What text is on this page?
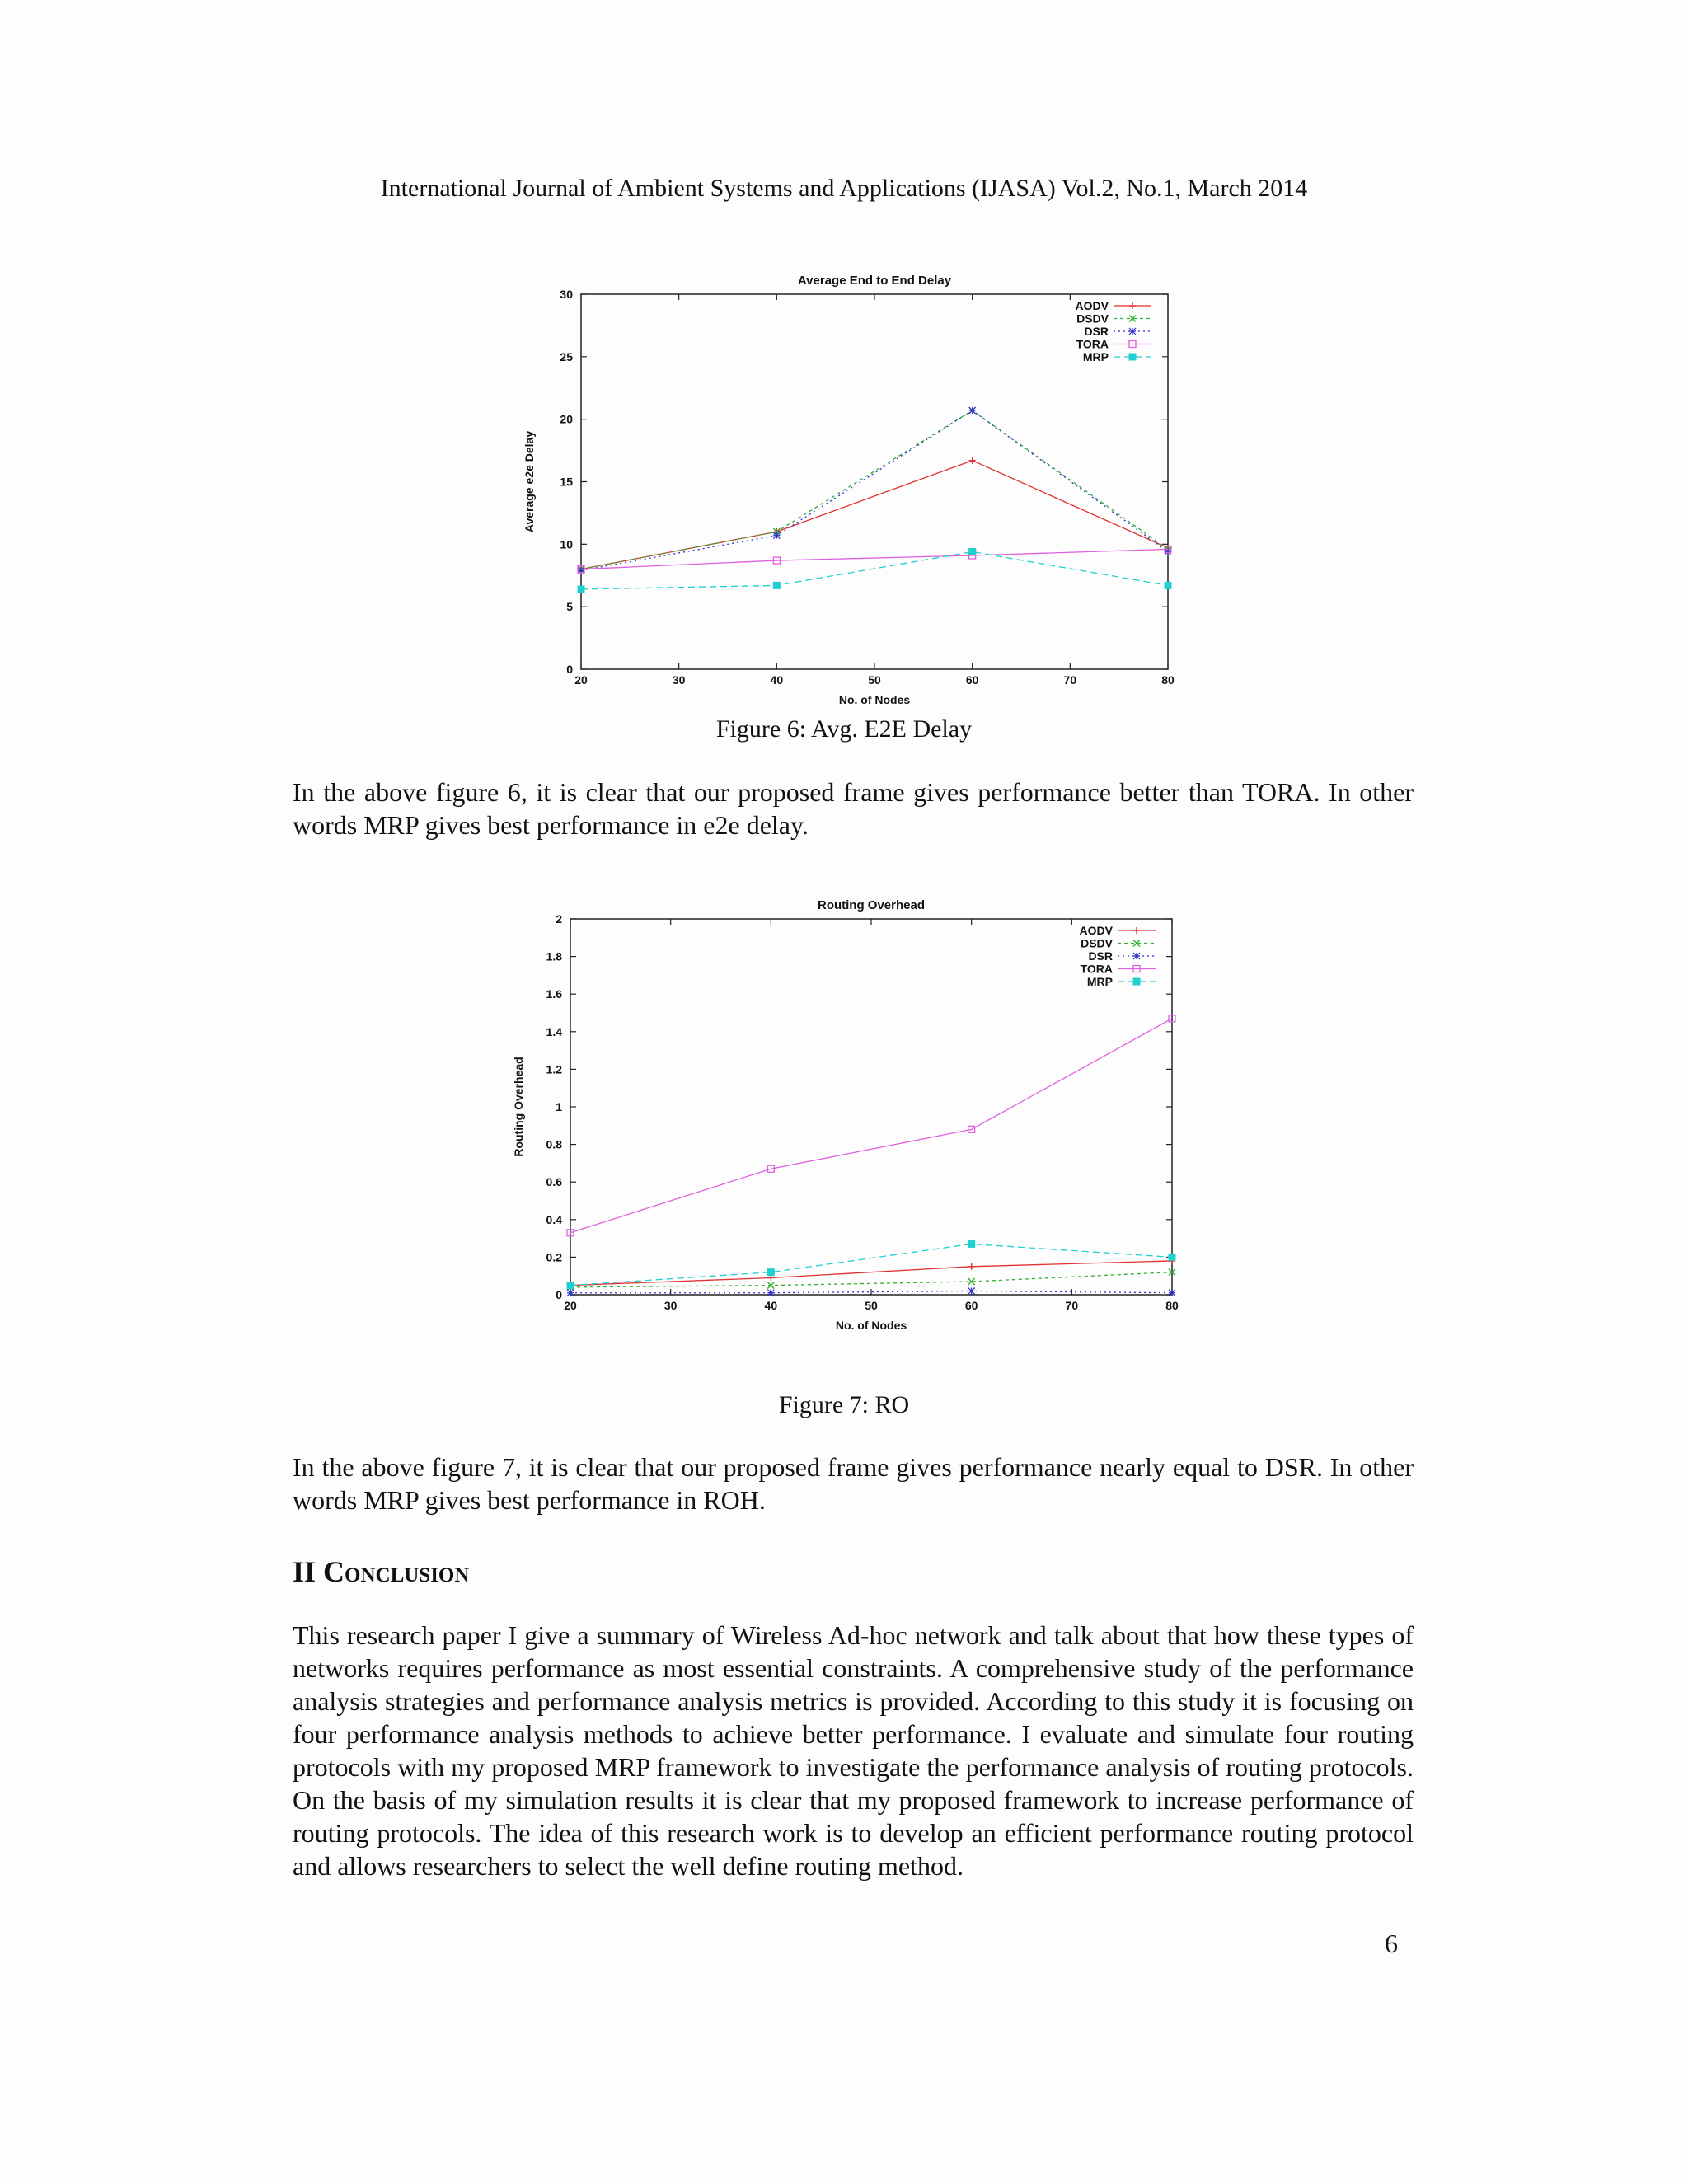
International Journal of Ambient Systems and Applications (IJASA) Vol.2, No.1, March 2014
Average End to End Delay
20	30	40	50	60	70	80
0
5
10
15
20
25
30
No. of Nodes
Average e2e Delay
AODV
DSDV
DSR
TORA
MRP
Figure 6: Avg. E2E Delay

In the above figure 6, it is clear that our proposed frame gives performance better than TORA. In other words MRP gives best performance in e2e delay.

Routing Overhead
20	30	40	50	60	70	80
0
0.2
0.4
0.6
0.8
1
1.2
1.4
1.6
1.8
2
No. of Nodes
Routing Overhead
AODV
DSDV
DSR
TORA
MRP
Figure 7: RO

In the above figure 7, it is clear that our proposed frame gives performance nearly equal to DSR. In other words MRP gives best performance in ROH.

II Conclusion

This research paper I give a summary of Wireless Ad-hoc network and talk about that how these types of networks requires performance as most essential constraints. A comprehensive study of the performance analysis strategies and performance analysis metrics is provided. According to this study it is focusing on four performance analysis methods to achieve better performance. I evaluate and simulate four routing protocols with my proposed MRP framework to investigate the performance analysis of routing protocols. On the basis of my simulation results it is clear that my proposed framework to increase performance of routing protocols. The idea of this research work is to develop an efficient performance routing protocol and allows researchers to select the well define routing method.

6
